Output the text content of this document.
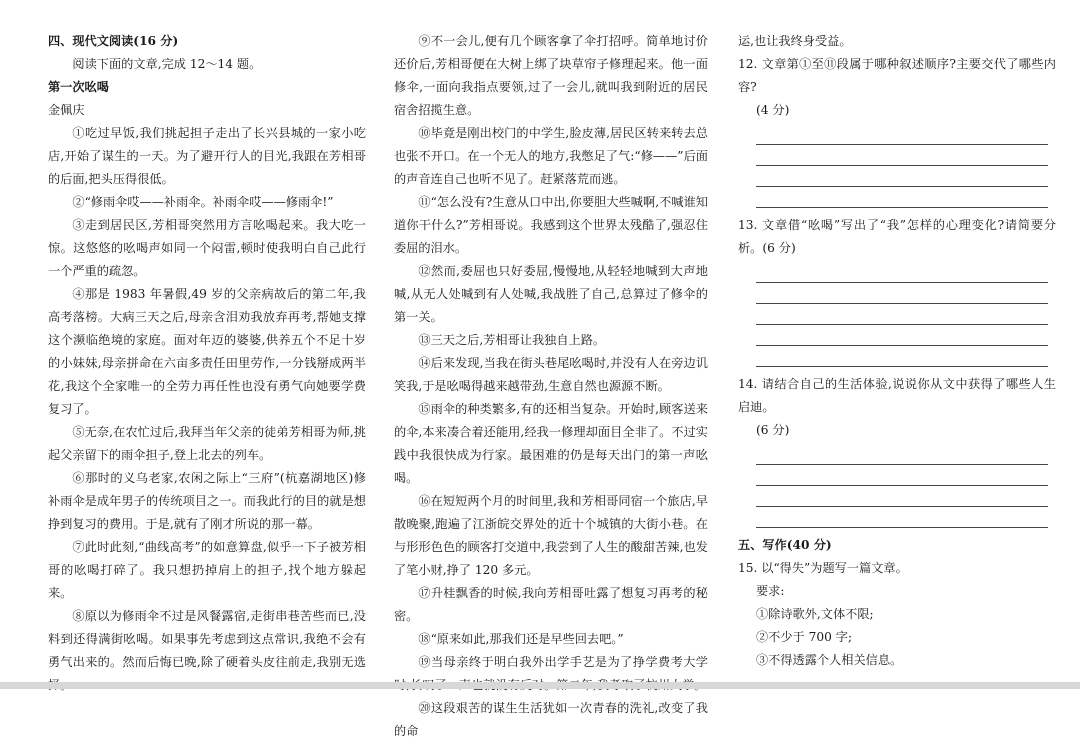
四、现代文阅读(16 分)

阅读下面的文章,完成 12～14 题。

第一次吆喝

金佩庆

①吃过早饭,我们挑起担子走出了长兴县城的一家小吃店,开始了谋生的一天。为了避开行人的目光,我跟在芳相哥的后面,把头压得很低。

②“修雨伞哎——补雨伞。补雨伞哎——修雨伞!”

③走到居民区,芳相哥突然用方言吆喝起来。我大吃一惊。这悠悠的吆喝声如同一个闷雷,顿时使我明白自己此行一个严重的疏忽。

④那是 1983 年暑假,49 岁的父亲病故后的第二年,我高考落榜。大病三天之后,母亲含泪劝我放弃再考,帮她支撑这个濒临绝境的家庭。面对年迈的婆婆,供养五个不足十岁的小妹妹,母亲拼命在六亩多责任田里劳作,一分钱掰成两半花,我这个全家唯一的全劳力再任性也没有勇气向她要学费复习了。

⑤无奈,在农忙过后,我拜当年父亲的徒弟芳相哥为师,挑起父亲留下的雨伞担子,登上北去的列车。

⑥那时的义乌老家,农闲之际上“三府”(杭嘉湖地区)修补雨伞是成年男子的传统项目之一。而我此行的目的就是想挣到复习的费用。于是,就有了刚才所说的那一幕。

⑦此时此刻,“曲线高考”的如意算盘,似乎一下子被芳相哥的吆喝打碎了。我只想扔掉肩上的担子,找个地方躲起来。

⑧原以为修雨伞不过是风餐露宿,走街串巷苦些而已,没料到还得满街吆喝。如果事先考虑到这点常识,我绝不会有勇气出来的。然而后悔已晚,除了硬着头皮往前走,我别无选

⑨不一会儿,便有几个顾客拿了伞打招呼。简单地讨价还价后,芳相哥便在大树上绑了块草帘子修理起来。他一面修伞,一面向我指点要领,过了一会儿,就叫我到附近的居民宿舍招揽生意。

⑩毕竟是刚出校门的中学生,脸皮薄,居民区转来转去总也张不开口。在一个无人的地方,我憋足了气:“修——”后面的声音连自己也听不见了。赶紧落荒而逃。

⑪“怎么没有?生意从口中出,你要胆大些喊啊,不喊谁知道你干什么?”芳相哥说。我感到这个世界太残酷了,强忍住委屈的泪水。

⑫然而,委屈也只好委屈,慢慢地,从轻轻地喊到大声地喊,从无人处喊到有人处喊,我战胜了自己,总算过了修伞的第一关。

⑬三天之后,芳相哥让我独自上路。

⑭后来发现,当我在街头巷尾吆喝时,并没有人在旁边讥笑我,于是吆喝得越来越带劲,生意自然也源源不断。

⑮雨伞的种类繁多,有的还相当复杂。开始时,顾客送来的伞,本来凑合着还能用,经我一修理却面目全非了。不过实践中我很快成为行家。最困难的仍是每天出门的第一声吆喝。

⑯在短短两个月的时间里,我和芳相哥同宿一个旅店,早散晚聚,跑遍了江浙皖交界处的近十个城镇的大街小巷。在与形形色色的顾客打交道中,我尝到了人生的酸甜苦辣,也发了笔小财,挣了 120 多元。

⑰升桂飘香的时候,我向芳相哥吐露了想复习再考的秘密。

⑱“原来如此,那我们还是早些回去吧。”

⑲当母亲终于明白我外出学手艺是为了挣学费考大学

⑳这段艰苦的谋生生活犹如一次青春的洗礼,改变了我的命

运,也让我终身受益。

12. 文章第①至⑪段属于哪种叙述顺序?主要交代了哪些内容?

(4 分)

13. 文章借“吆喝”写出了“我”怎样的心理变化?请简要分析。(6 分)

14. 请结合自己的生活体验,说说你从文中获得了哪些人生启迪。

(6 分)

五、写作(40 分)

15. 以“得失”为题写一篇文章。

要求:

①除诗歌外,文体不限;

②不少于 700 字;

③不得透露个人相关信息。
